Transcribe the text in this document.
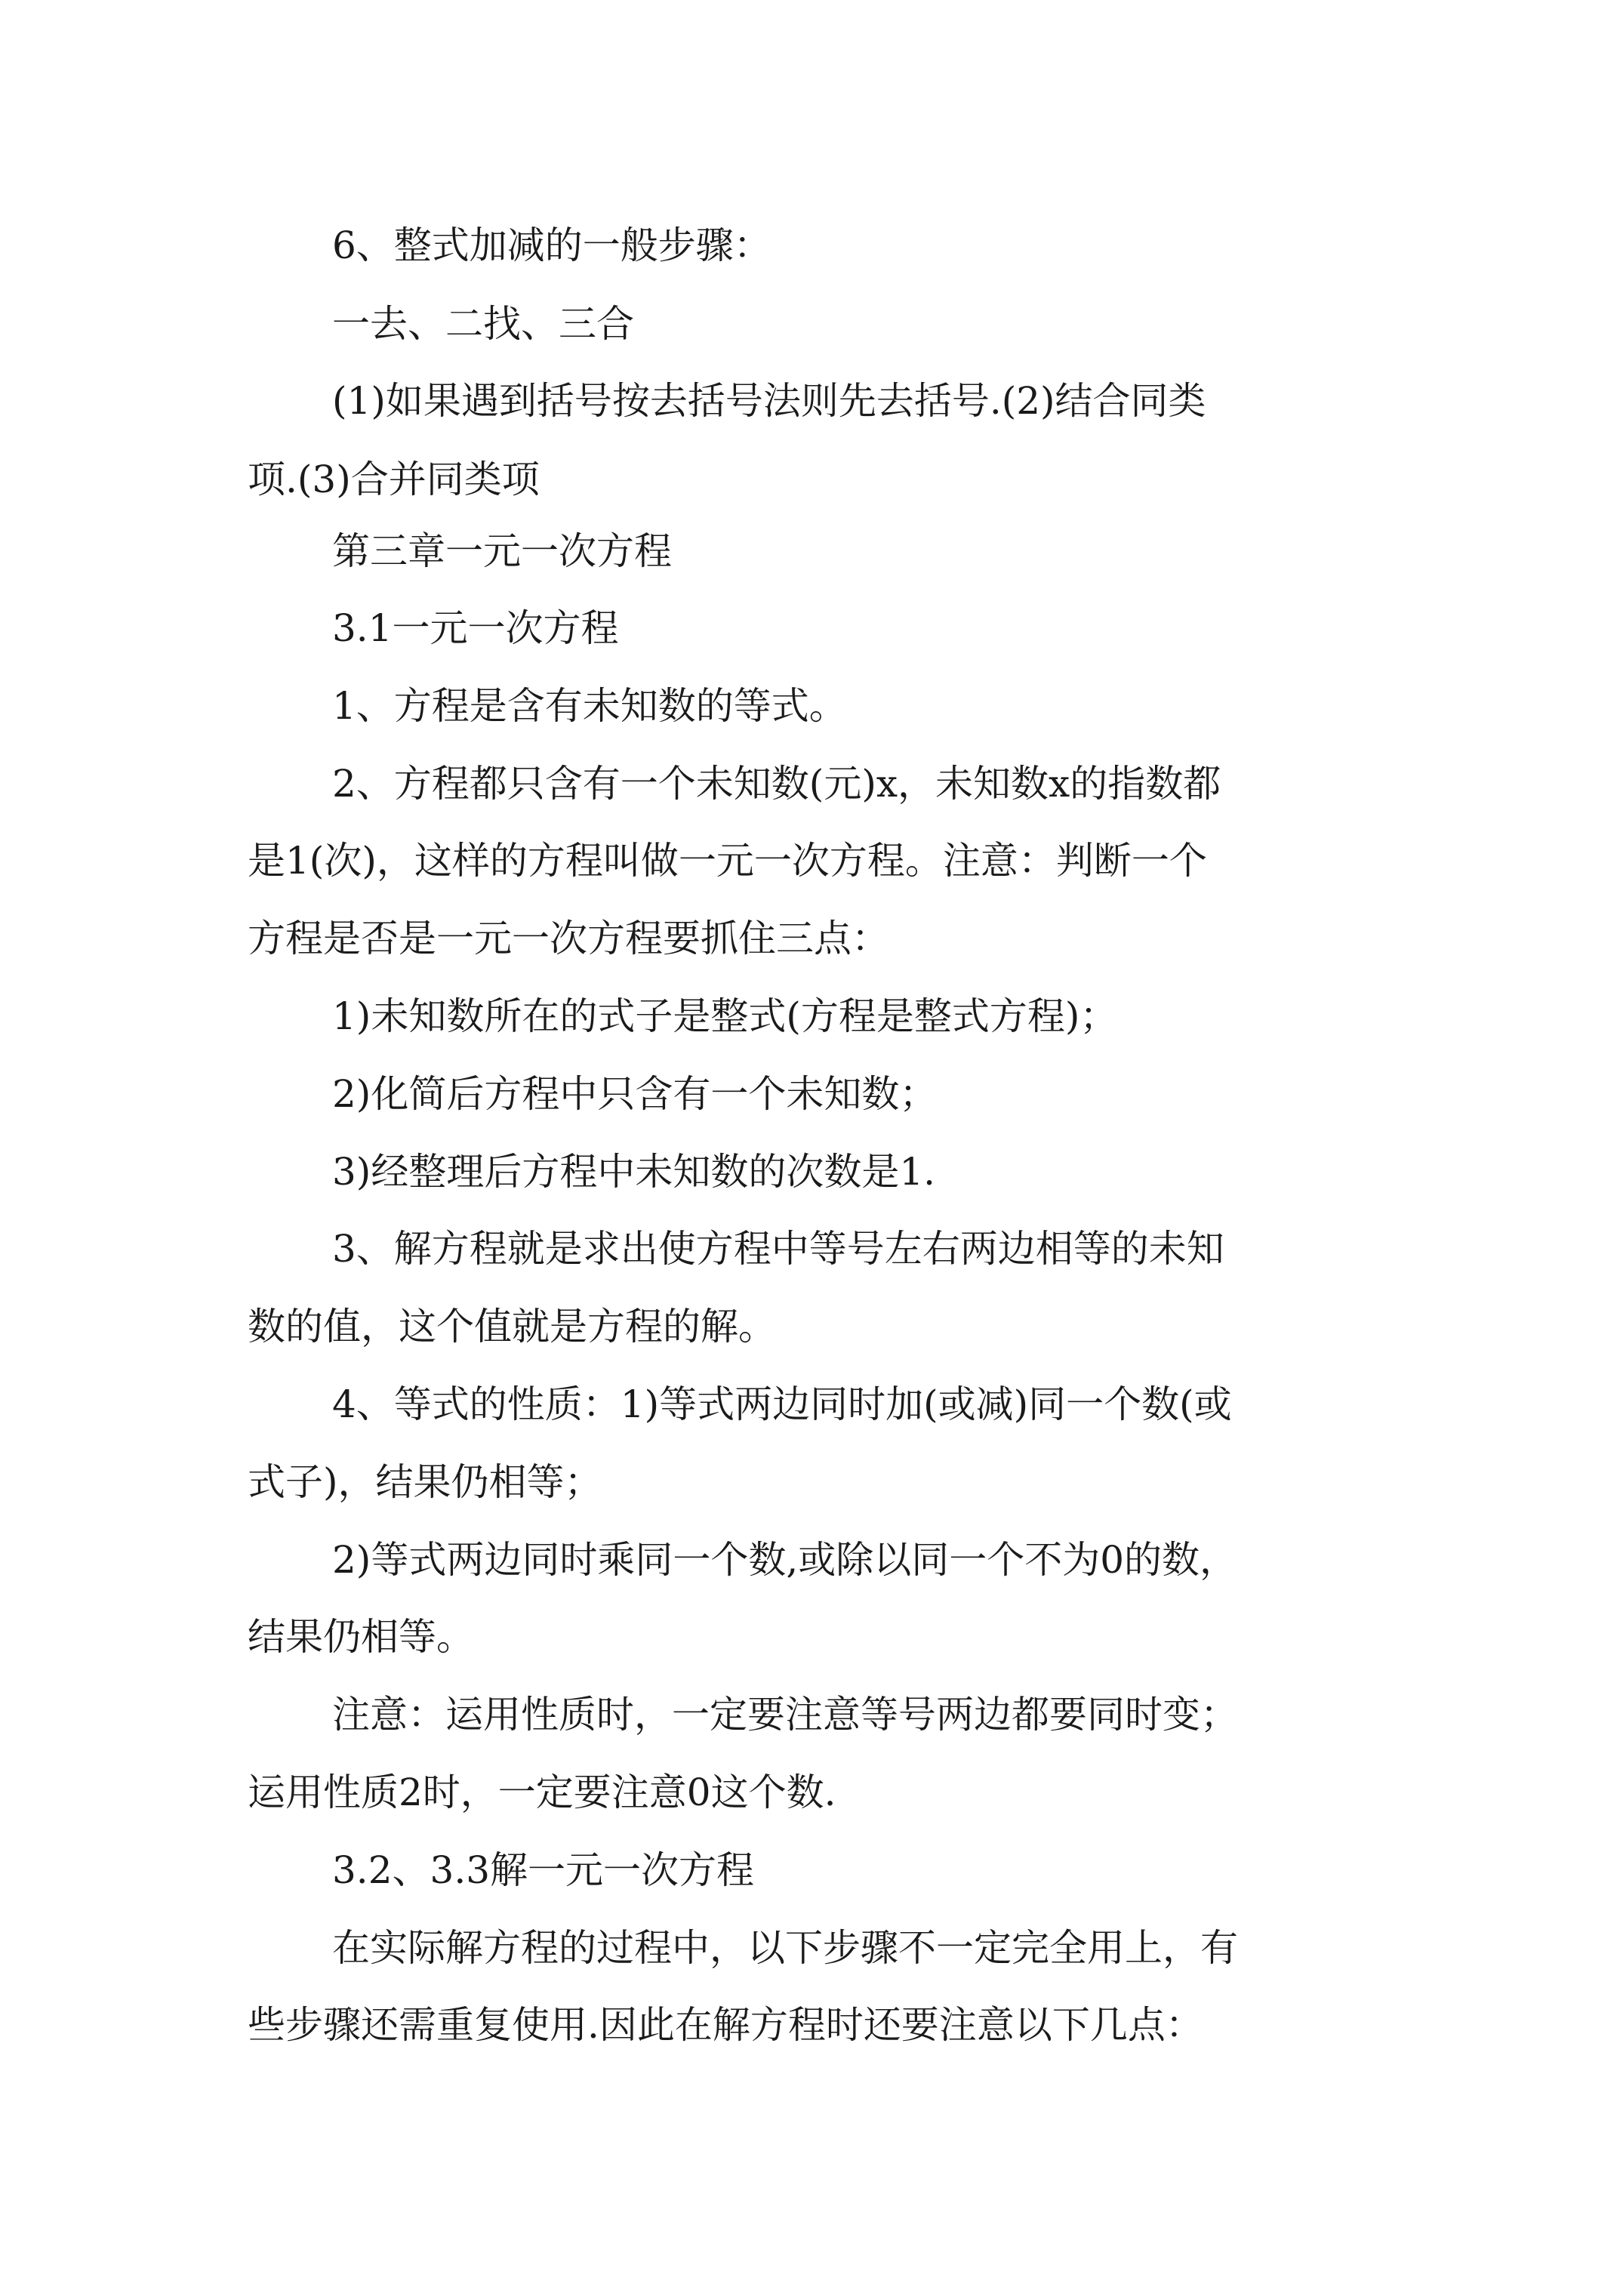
6、整式加减的一般步骤：

一去、二找、三合

(1)如果遇到括号按去括号法则先去括号.(2)结合同类

项.(3)合并同类项

第三章一元一次方程

3.1一元一次方程

1、方程是含有未知数的等式。

2、方程都只含有一个未知数(元)x，未知数x的指数都

是1(次)，这样的方程叫做一元一次方程。注意：判断一个

方程是否是一元一次方程要抓住三点：

1)未知数所在的式子是整式(方程是整式方程)；

2)化简后方程中只含有一个未知数；

3)经整理后方程中未知数的次数是1.

3、解方程就是求出使方程中等号左右两边相等的未知

数的值，这个值就是方程的解。

4、等式的性质：1)等式两边同时加(或减)同一个数(或

式子)，结果仍相等；

2)等式两边同时乘同一个数,或除以同一个不为0的数，

结果仍相等。

注意：运用性质时，一定要注意等号两边都要同时变；

运用性质2时，一定要注意0这个数.

3.2、3.3解一元一次方程

在实际解方程的过程中，以下步骤不一定完全用上，有

些步骤还需重复使用.因此在解方程时还要注意以下几点：
